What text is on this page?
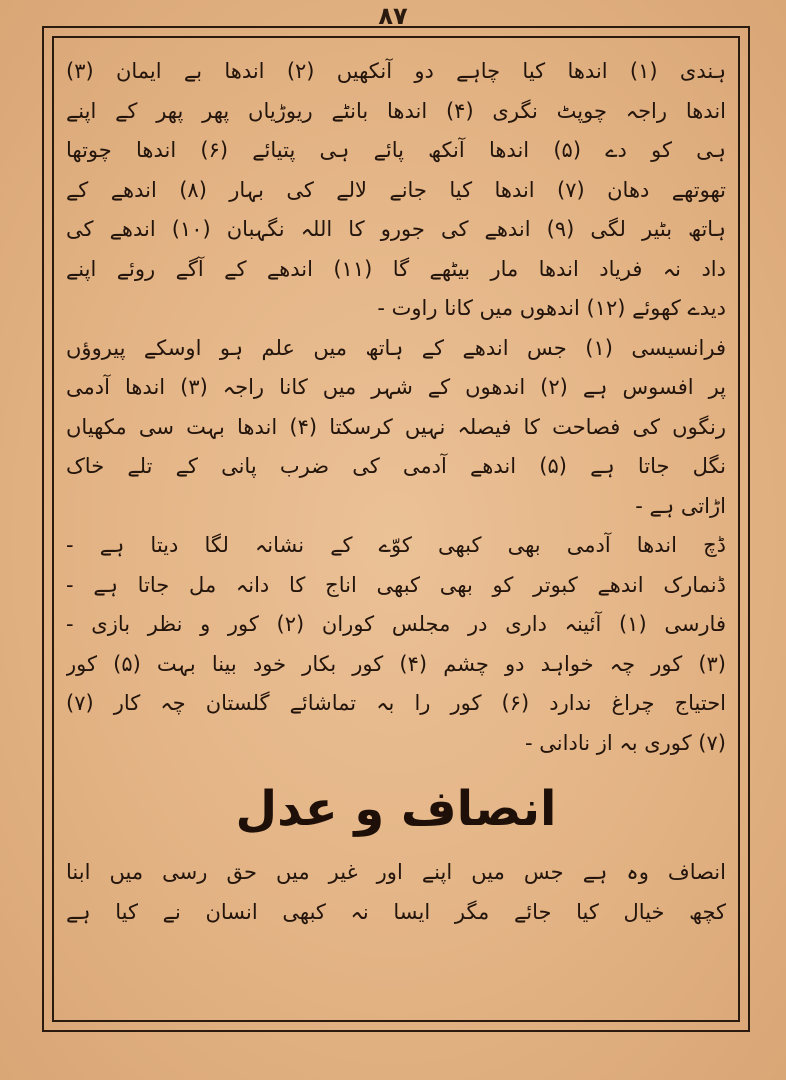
۸۷
ہندی (۱) اندھا کیا چاہے دو آنکھیں (۲) اندھا بے ایمان (۳)
اندھا راجہ چوپٹ نگری (۴) اندھا بانٹے ریوڑیاں پھر پھر کے اپنے
ہی کو دے (۵) اندھا آنکھ پائے ہی پتیائے (۶) اندھا چوتھا
تھوتھے دھان (۷) اندھا کیا جانے لالے کی بہار (۸) اندھے کے
ہاتھ بٹیر لگی (۹) اندھے کی جورو کا اللہ نگہبان (۱۰) اندھے کی
داد نہ فریاد اندھا مار بیٹھے گا (۱۱) اندھے کے آگے روئے اپنے
دیدے کھوئے (۱۲) اندھوں میں کانا راوت -
فرانسیسی (۱) جس اندھے کے ہاتھ میں علم ہو اوسکے پیروؤں
پر افسوس ہے (۲) اندھوں کے شہر میں کانا راجہ (۳) اندھا آدمی
رنگوں کی فصاحت کا فیصلہ نہیں کرسکتا (۴) اندھا بہت سی مکھیاں
نگل جاتا ہے (۵) اندھے آدمی کی ضرب پانی کے تلے خاک
اڑاتی ہے -
ڈچ اندھا آدمی بھی کبھی کوّے کے نشانہ لگا دیتا ہے -
ڈنمارک اندھے کبوتر کو بھی کبھی اناج کا دانہ مل جاتا ہے -
فارسی (۱) آئینہ داری در مجلس کوران (۲) کور و نظر بازی -
(۳) کور چہ خواہد دو چشم (۴) کور بکار خود بینا بہت (۵) کور
احتیاج چراغ ندارد (۶) کور را بہ تماشائے گلستان چہ کار (۷)
(۷) کوری بہ از نادانی -
انصاف و عدل
انصاف وہ ہے جس میں اپنے اور غیر میں حق رسی میں ابنا
کچھ خیال کیا جائے مگر ایسا نہ کبھی انسان نے کیا ہے
